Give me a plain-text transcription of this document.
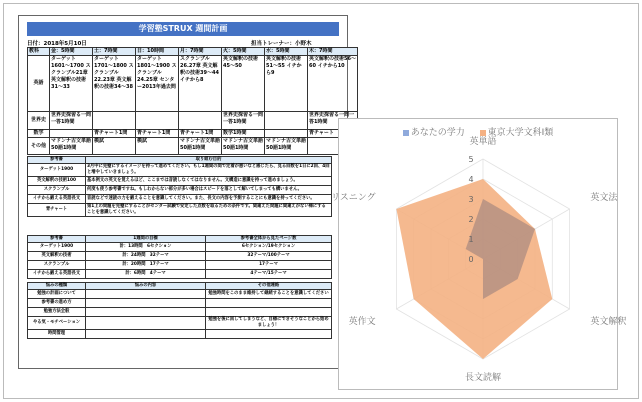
学習塾STRUX 週間計画
日付：2018年5月10日	担当トレーナー：小野木
教科	金：5時間	土：7時間	日：10時間	月：7時間	火：5時間	水：5時間	木：7時間
英語	ターゲット1601〜1700 スクランブル21章 英文解釈の技術31〜33	ターゲット1701〜1800 スクランブル22.23章 英文解釈の技術34〜38	ターゲット1801〜1900 スクランブル24.25章 センター2013年過去問	スクランブル26.27章 英文解釈の技術39〜44 イチから8	英文解釈の技術45〜50	英文解釈の技術51〜55 イチから9	英文解釈の技術56〜60 イチから10
世界史	世界史探習る一問一答1時間				世界史探習る一問一答1時間		世界史探習る一問一答1時間
数学		青チャート1問	青チャート1問	青チャート1問	数学1時間		青チャート
その他	マドンナ古文単語50語1時間	模試	模試	マドンナ古文単語50語1時間	マドンナ古文単語50語1時間	マドンナ古文単語50語1時間	
参考書	取り組む目的
ターゲット1900	3月中に完璧にするイメージを持って進めてください。もし1週間の間で定着が悪いなと感じたら、見る回数を1日に2回、4回と増やしていきましょう。
英文解釈の技術100	基本例文の英文を覚えるほど、ここまでは音読しなくてはなりません。文構造に意識を持って進めましょう。
スクランブル	何度も使う参考書ですね。もしわからない部分が多い場合はスピードを落として解いてしまっても構いません。
イチから鍛える英語長文	音読などで速読の力を鍛えることを意識してください。また、長文の内容を予測することにも意識を持ってください。
青チャート	第1上の問題を完璧にすることがセンター試験で安定した点数を取るための条件です。間違えた問題に間違えがない様にすることを意識してください。
参考書	1週間の目標	参考書全体から見たページ数
ターゲット1900	計：13時間　6セクション	6セクション/19セクション
英文解釈の技術	計：24時間　32テーマ	32テーマ/100テーマ
スクランブル	計：20時間　17テーマ	17テーマ
イチから鍛える英語長文	計：6時間　4テーマ	4テーマ/15テーマ
悩みの種類	悩みの内容	その他連絡
勉強の計画について		勉強時間をこのまま維持して継続することを意識してください
参考書の進め方		
勉強方法全般		
やる気・モチベーション		勉強を後に回してしまうなど、目標にできそうなことから始めましょう！
時間管理		
あなたの学力	東京大学文科Ⅰ類
0
1
2
3
4
5
英単語
英文法
英文解釈
長文読解
英作文
リスニング
